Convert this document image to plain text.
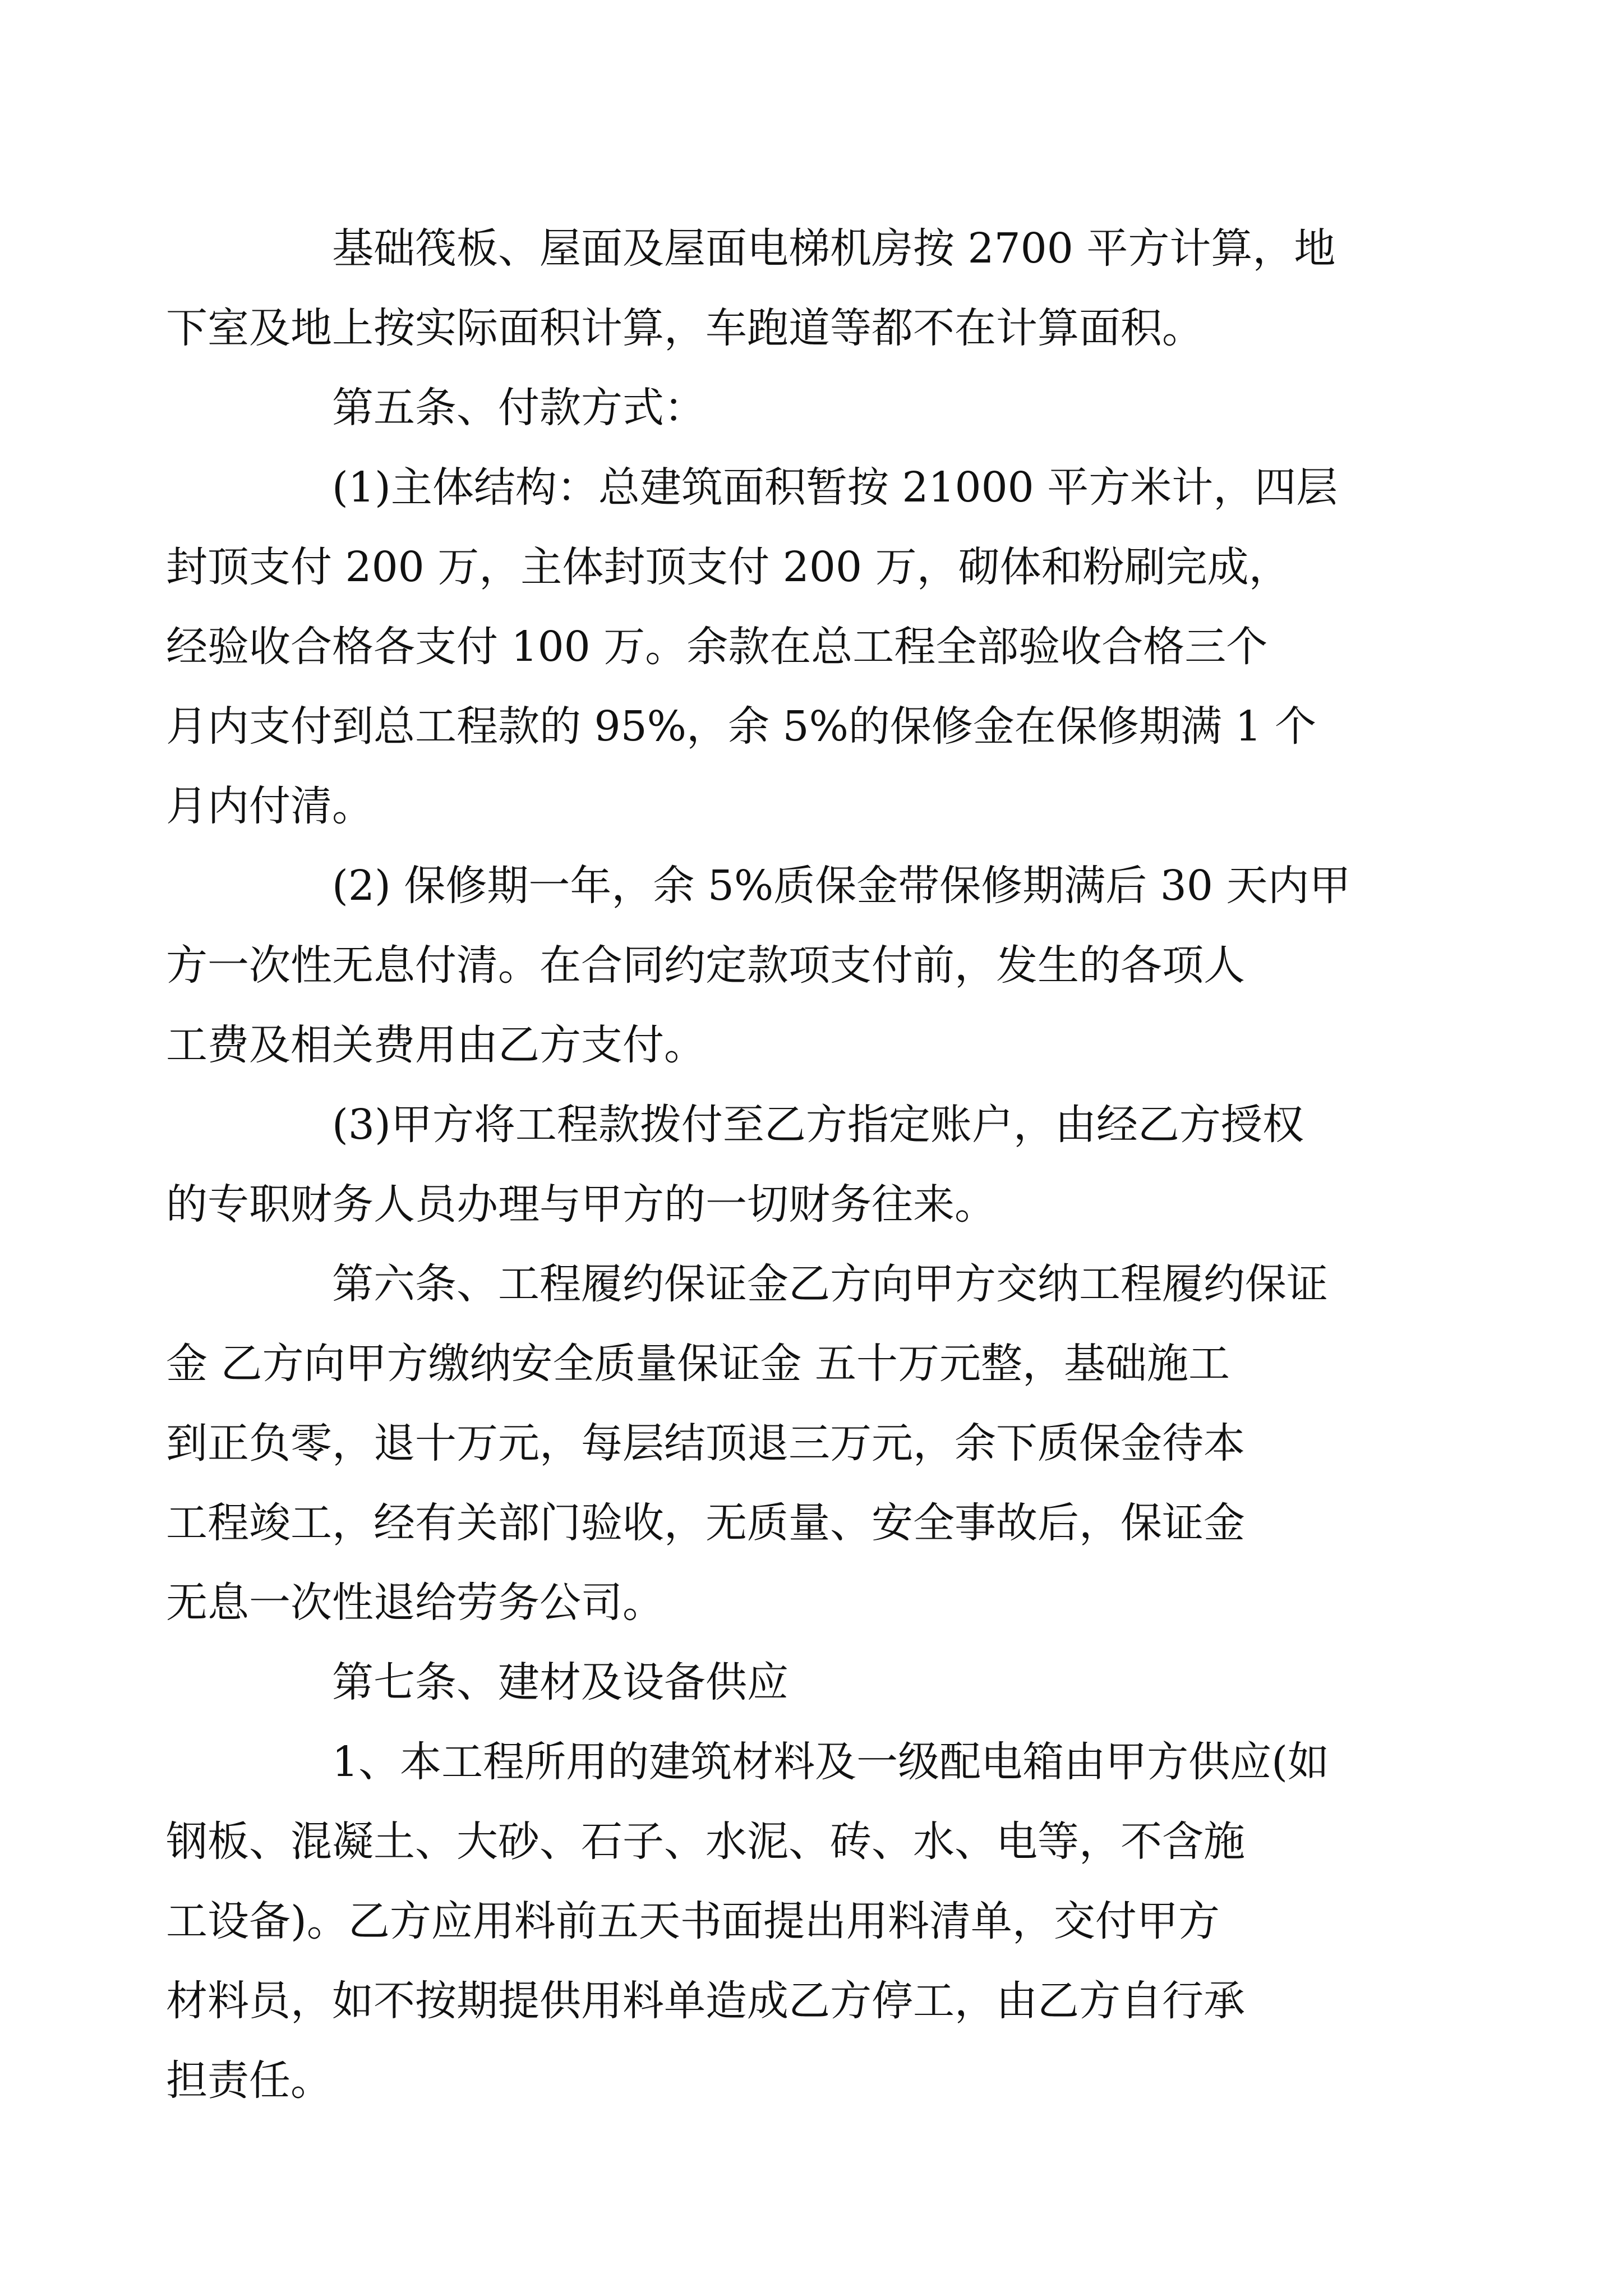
基础筏板、屋面及屋面电梯机房按 2700 平方计算，地
下室及地上按实际面积计算，车跑道等都不在计算面积。

第五条、付款方式：

(1)主体结构：总建筑面积暂按 21000 平方米计，四层
封顶支付 200 万，主体封顶支付 200 万，砌体和粉刷完成，
经验收合格各支付 100 万。余款在总工程全部验收合格三个
月内支付到总工程款的 95%，余 5%的保修金在保修期满 1 个
月内付清。

(2) 保修期一年，余 5%质保金带保修期满后 30 天内甲
方一次性无息付清。在合同约定款项支付前，发生的各项人
工费及相关费用由乙方支付。

(3)甲方将工程款拨付至乙方指定账户，由经乙方授权
的专职财务人员办理与甲方的一切财务往来。

第六条、工程履约保证金乙方向甲方交纳工程履约保证
金 乙方向甲方缴纳安全质量保证金 五十万元整，基础施工
到正负零，退十万元，每层结顶退三万元，余下质保金待本
工程竣工，经有关部门验收，无质量、安全事故后，保证金
无息一次性退给劳务公司。

第七条、建材及设备供应

1、本工程所用的建筑材料及一级配电箱由甲方供应(如
钢板、混凝土、大砂、石子、水泥、砖、水、电等，不含施
工设备)。乙方应用料前五天书面提出用料清单，交付甲方
材料员，如不按期提供用料单造成乙方停工，由乙方自行承
担责任。
